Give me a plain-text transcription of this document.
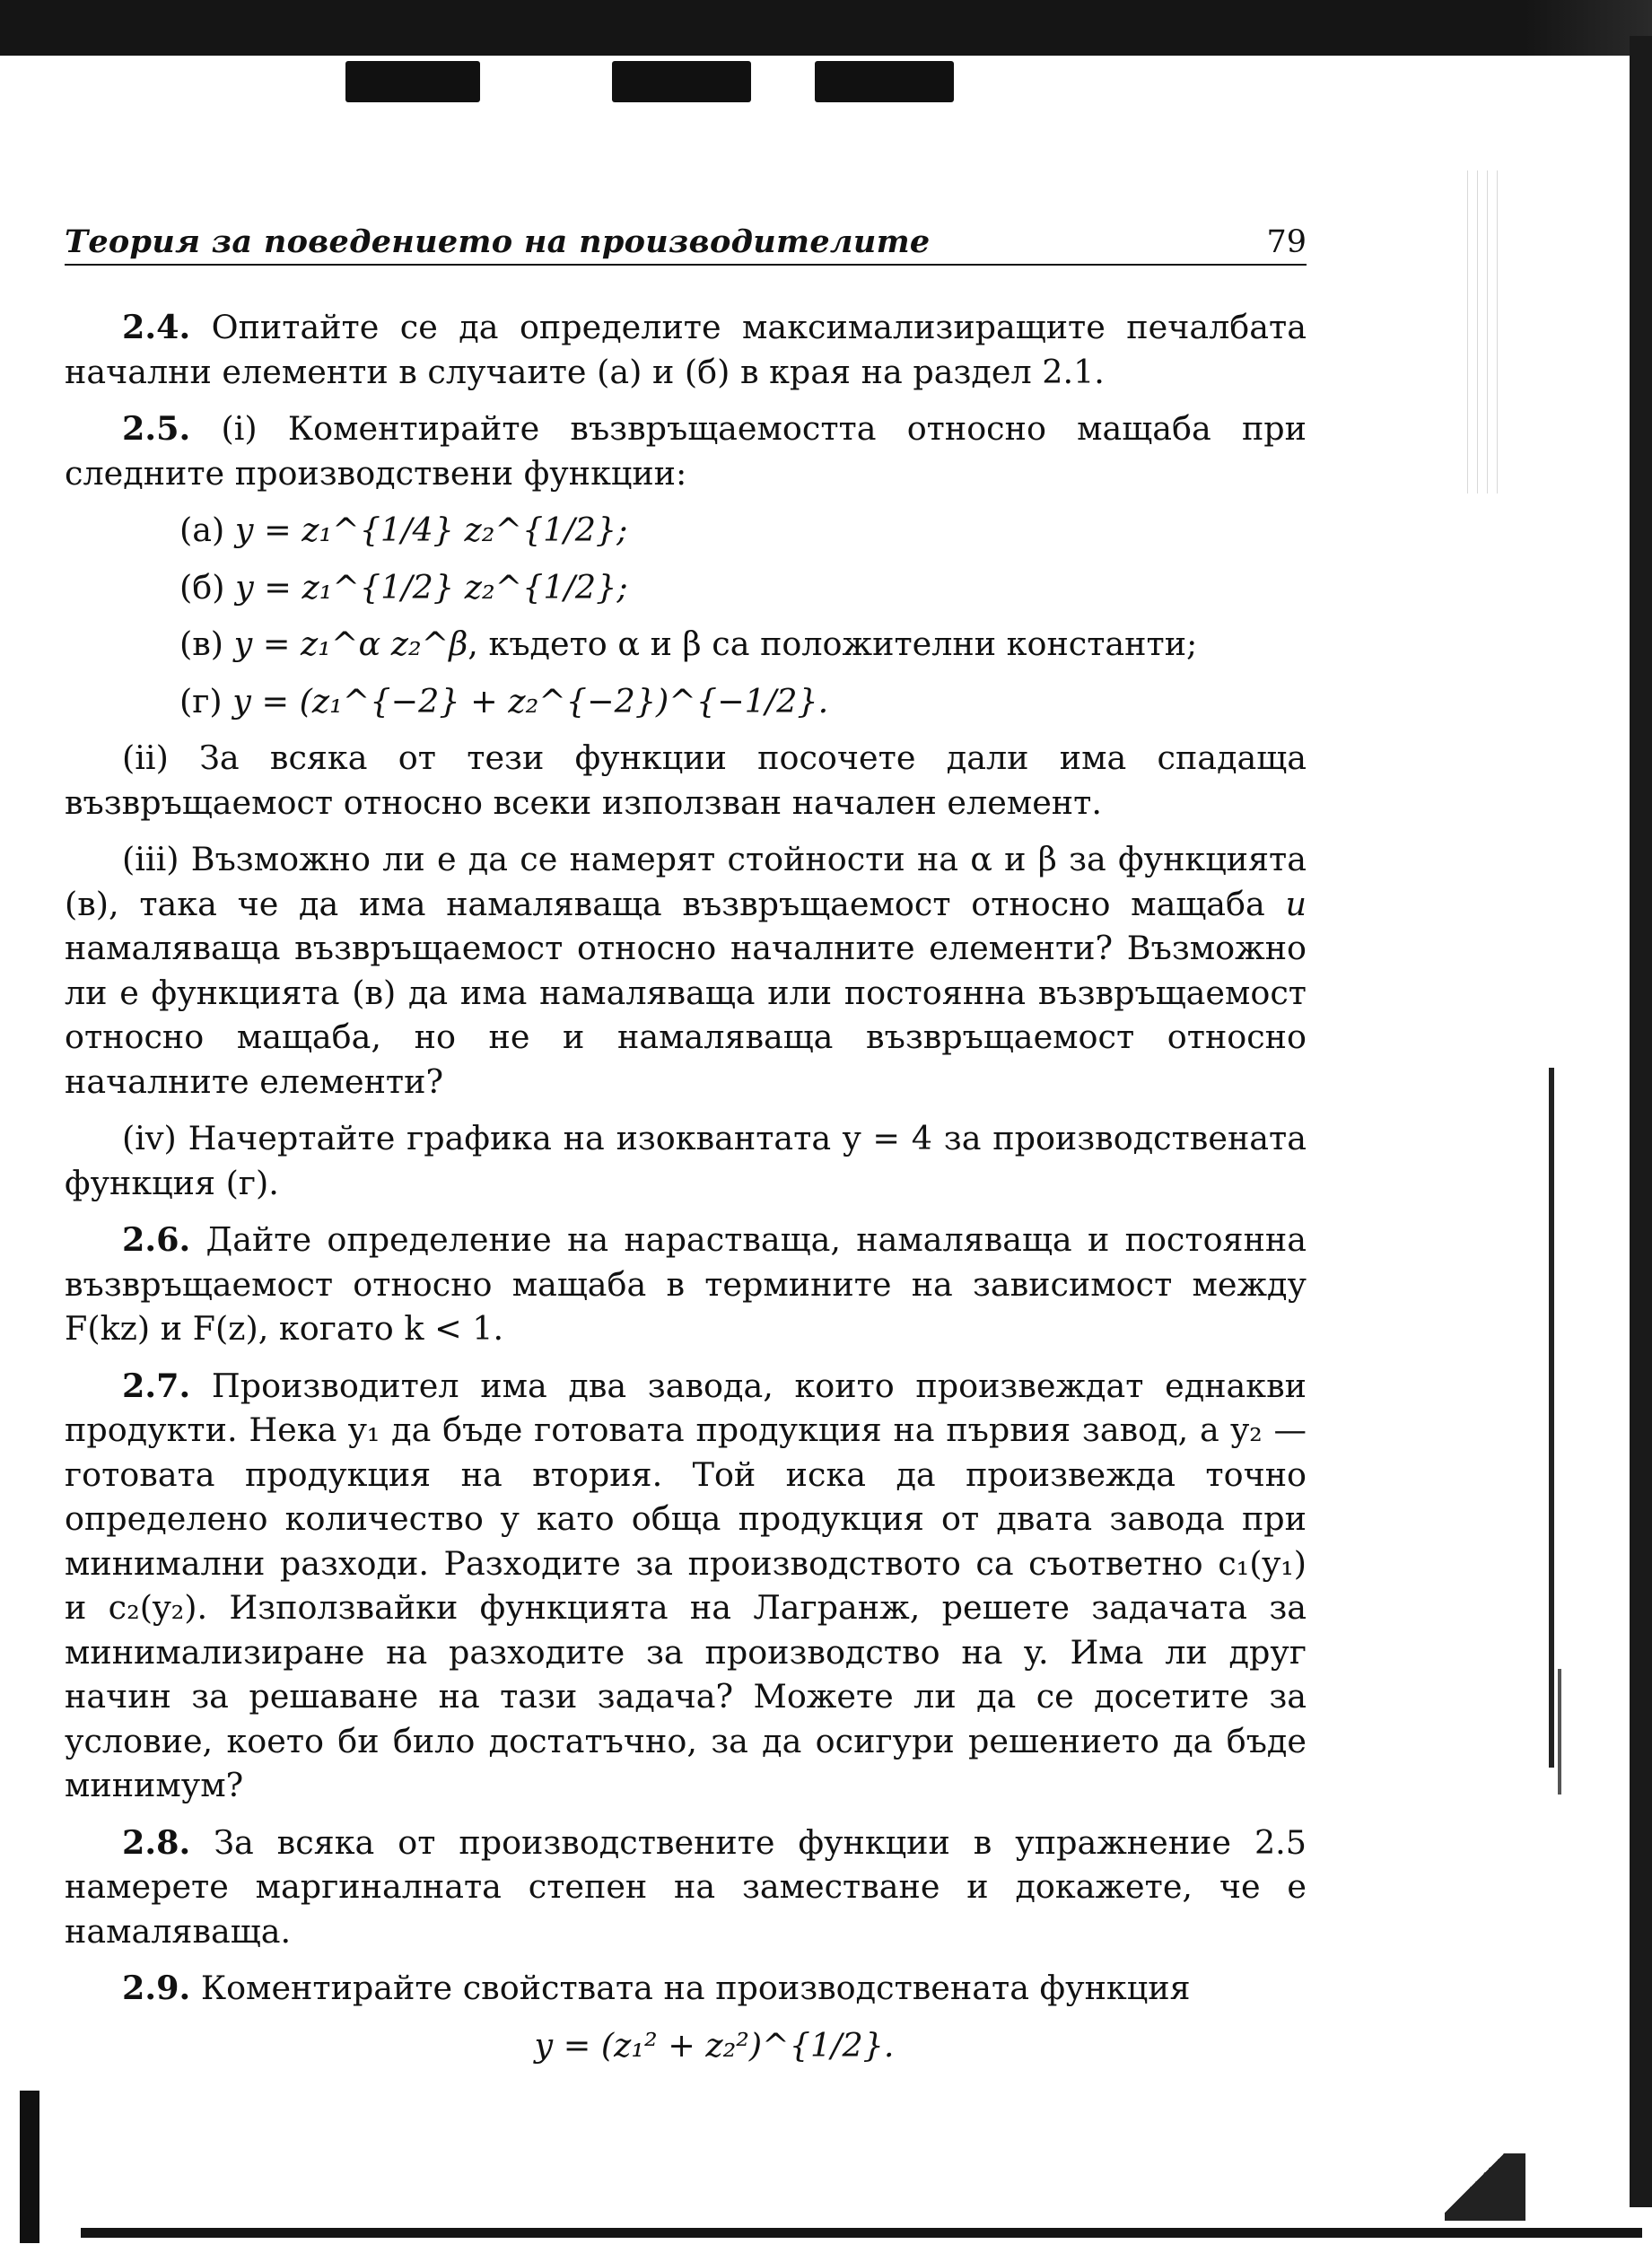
Теория за поведението на производителите	79

2.4. Опитайте се да определите максимализиращите печалбата начални елементи в случаите (а) и (б) в края на раздел 2.1.

2.5. (i) Коментирайте възвръщаемостта относно мащаба при следните производствени функции:

(а) y = z₁^{1/4} z₂^{1/2};

(б) y = z₁^{1/2} z₂^{1/2};

(в) y = z₁^α z₂^β, където α и β са положителни константи;

(г) y = (z₁^{−2} + z₂^{−2})^{−1/2}.

(ii) За всяка от тези функции посочете дали има спадаща възвръщаемост относно всеки използван начален елемент.

(iii) Възможно ли е да се намерят стойности на α и β за функцията (в), така че да има намаляваща възвръщаемост относно мащаба и намаляваща възвръщаемост относно началните елементи? Възможно ли е функцията (в) да има намаляваща или постоянна възвръщаемост относно мащаба, но не и намаляваща възвръщаемост относно началните елементи?

(iv) Начертайте графика на изоквантата y = 4 за производствената функция (г).

2.6. Дайте определение на нарастваща, намаляваща и постоянна възвръщаемост относно мащаба в термините на зависимост между F(kz) и F(z), когато k < 1.

2.7. Производител има два завода, които произвеждат еднакви продукти. Нека y₁ да бъде готовата продукция на първия завод, а y₂ — готовата продукция на втория. Той иска да произвежда точно определено количество y като обща продукция от двата завода при минимални разходи. Разходите за производството са съответно c₁(y₁) и c₂(y₂). Използвайки функцията на Лагранж, решете задачата за минимализиране на разходите за производство на y. Има ли друг начин за решаване на тази задача? Можете ли да се досетите за условие, което би било достатъчно, за да осигури решението да бъде минимум?

2.8. За всяка от производствените функции в упражнение 2.5 намерете маргиналната степен на заместване и докажете, че е намаляваща.

2.9. Коментирайте свойствата на производствената функция

y = (z₁² + z₂²)^{1/2}.
